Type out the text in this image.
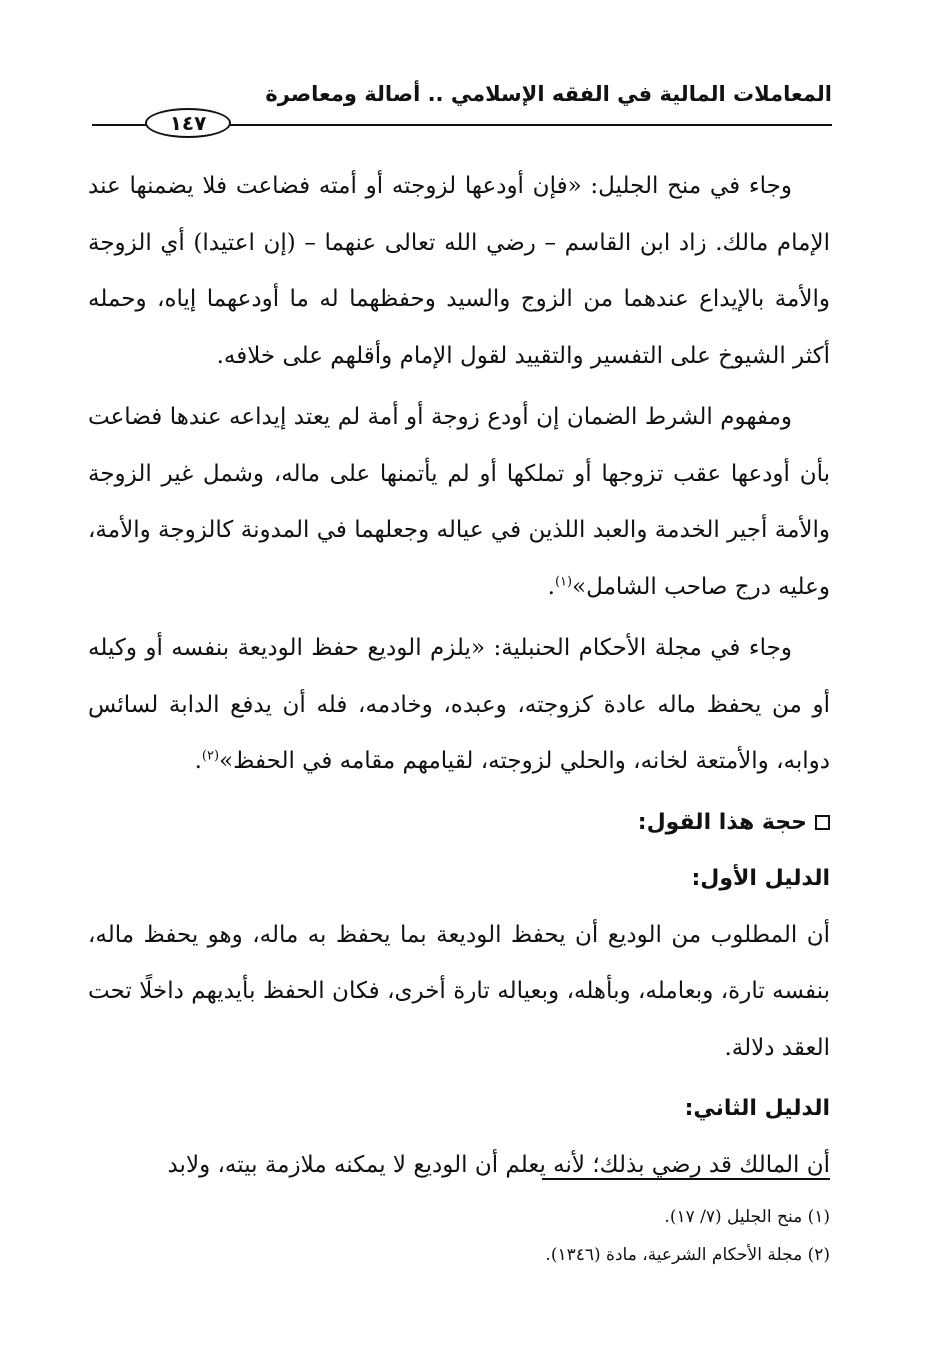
المعاملات المالية في الفقه الإسلامي .. أصالة ومعاصرة
١٤٧

وجاء في منح الجليل: «فإن أودعها لزوجته أو أمته فضاعت فلا يضمنها عند الإمام مالك. زاد ابن القاسم – رضي الله تعالى عنهما – (إن اعتيدا) أي الزوجة والأمة بالإيداع عندهما من الزوج والسيد وحفظهما له ما أودعهما إياه، وحمله أكثر الشيوخ على التفسير والتقييد لقول الإمام وأقلهم على خلافه.

ومفهوم الشرط الضمان إن أودع زوجة أو أمة لم يعتد إيداعه عندها فضاعت بأن أودعها عقب تزوجها أو تملكها أو لم يأتمنها على ماله، وشمل غير الزوجة والأمة أجير الخدمة والعبد اللذين في عياله وجعلهما في المدونة كالزوجة والأمة، وعليه درج صاحب الشامل»$^{(١)}$.

وجاء في مجلة الأحكام الحنبلية: «يلزم الوديع حفظ الوديعة بنفسه أو وكيله أو من يحفظ ماله عادة كزوجته، وعبده، وخادمه، فله أن يدفع الدابة لسائس دوابه، والأمتعة لخانه، والحلي لزوجته، لقيامهم مقامه في الحفظ»$^{(٢)}$.

حجة هذا القول:

الدليل الأول:

أن المطلوب من الوديع أن يحفظ الوديعة بما يحفظ به ماله، وهو يحفظ ماله، بنفسه تارة، وبعامله، وبأهله، وبعياله تارة أخرى، فكان الحفظ بأيديهم داخلًا تحت العقد دلالة.

الدليل الثاني:

أن المالك قد رضي بذلك؛ لأنه يعلم أن الوديع لا يمكنه ملازمة بيته، ولابد

(١) منح الجليل (٧/ ١٧).
(٢) مجلة الأحكام الشرعية، مادة (١٣٤٦).
